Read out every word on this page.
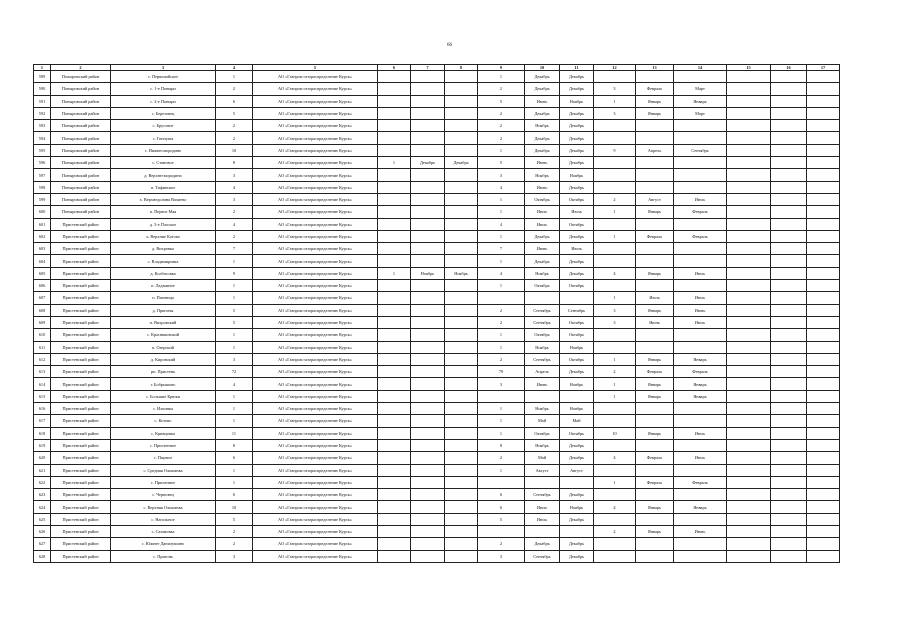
66
1	2	3	4	5	6	7	8	9	10	11	12	13	14	15	16	17
589	Пожарожский район	с. Первомайское	1	АО «Газпром газораспределение Курск»				1	Декабрь	Декабрь						
590	Поныровский район	с. 1-е Поныри	2	АО «Газпром газораспределение Курск»				2	Декабрь	Декабрь	3	Февраль	Март			
591	Поныровский район	с. 2-е Поныри	6	АО «Газпром газораспределение Курск»				5	Июнь	Ноябрь	1	Январь	Январь			
592	Поныровский район	с. Березовец	5	АО «Газпром газораспределение Курск»				2	Декабрь	Декабрь	3	Январь	Март			
593	Поныровский район	с. Брусовое	2	АО «Газпром газораспределение Курск»				2	Ноябрь	Декабрь						
594	Поныровский район	с. Гнилуша	2	АО «Газпром газораспределение Курск»				2	Декабрь	Декабрь						
595	Поныровский район	с. Нижнесмородино	10	АО «Газпром газораспределение Курск»				1	Декабрь	Декабрь	9	Апрель	Сентябрь			
596	Поныровский район	с. Становое	8	АО «Газпром газораспределение Курск»	1	Декабрь	Декабрь	5	Июнь	Декабрь						
597	Поныровский район	д. Верхнесмородино	3	АО «Газпром газораспределение Курск»				3	Ноябрь	Ноябрь						
598	Поныровский район	п. Тифинское	4	АО «Газпром газораспределение Курск»				4	Июнь	Декабрь						
599	Поныровский район	х. Верхнедолина Вахиево	3	АО «Газпром газораспределение Курск»				1	Октябрь	Октябрь	2	Август	Июль			
600	Поныровский район	п. Первое Мая	2	АО «Газпром газораспределение Курск»				1	Июль	Июль	1	Январь	Февраль			
601	Пристенский район	д. 3-е Плоское	4	АО «Газпром газораспределение Курск»				4	Июль	Октябрь						
602	Пристенский район	х. Верхние Котово	2	АО «Газпром газораспределение Курск»				1	Декабрь	Декабрь	1	Февраль	Февраль			
603	Пристенский район	д. Вихровка	7	АО «Газпром газораспределение Курск»				7	Июнь	Июль						
604	Пристенский район	с. Владимировка	1	АО «Газпром газораспределение Курск»				1	Декабрь	Декабрь						
605	Пристенский район	д. Колбасовка	9	АО «Газпром газораспределение Курск»	1	Ноябрь	Ноябрь	4	Ноябрь	Декабрь	4	Январь	Июль			
606	Пристенский район	п. Ладыжное	1	АО «Газпром газораспределение Курск»				1	Октябрь	Октябрь						
607	Пристенский район	п. Пшеница	1	АО «Газпром газораспределение Курск»							1	Июль	Июль			
608	Пристенский район	д. Пригоны	5	АО «Газпром газораспределение Курск»				2	Сентябрь	Сентябрь	3	Январь	Июнь			
609	Пристенский район	п. Вихровский	5	АО «Газпром газораспределение Курск»				2	Сентябрь	Октябрь	3	Июнь	Июль			
610	Пристенский район	с. Красниковский	1	АО «Газпром газораспределение Курск»				1	Октябрь	Октябрь						
611	Пристенский район	п. Озерский	1	АО «Газпром газораспределение Курск»				1	Ноябрь	Ноябрь						
612	Пристенский район	д. Кировский	3	АО «Газпром газораспределение Курск»				2	Сентябрь	Октябрь	1	Январь	Январь			
613	Пристенский район	рп. Пристень	72	АО «Газпром газораспределение Курск»				70	Апрель	Декабрь	2	Февраль	Февраль			
614	Пристенский район	г. Бобрышово	4	АО «Газпром газораспределение Курск»				3	Июнь	Ноябрь	1	Январь	Январь			
615	Пристенский район	с. Большие Крюки	1	АО «Газпром газораспределение Курск»							1	Январь	Январь			
616	Пристенский район	с. Ильинка	1	АО «Газпром газораспределение Курск»				1	Ноябрь	Ноябрь						
617	Пристенский район	с. Котово	1	АО «Газпром газораспределение Курск»				1	Май	Май						
618	Пристенский район	с. Кривцовка	11	АО «Газпром газораспределение Курск»				1	Октябрь	Октябрь	10	Январь	Июль			
619	Пристенский район	с. Пристенное	8	АО «Газпром газораспределение Курск»				8	Ноябрь	Декабрь						
620	Пристенский район	с. Пщевое	6	АО «Газпром газораспределение Курск»				2	Май	Декабрь	4	Февраль	Июль			
621	Пристенский район	с. Средняя Ольшанка	1	АО «Газпром газораспределение Курск»				1	Август	Август						
622	Пристенский район	с. Прилепное	1	АО «Газпром газораспределение Курск»							1	Февраль	Февраль			
623	Пристенский район	с. Черновец	6	АО «Газпром газораспределение Курск»				6	Сентябрь	Декабрь						
624	Пристенский район	с. Верхняя Ольшанка	10	АО «Газпром газораспределение Курск»				6	Июль	Ноябрь	4	Январь	Январь			
625	Пристенский район	с. Нагольное	5	АО «Газпром газораспределение Курск»				5	Июль	Декабрь						
626	Пристенский район	с. Сазановка	2	АО «Газпром газораспределение Курск»							2	Январь	Июнь			
627	Пристенский район	с. Южнее Данилушино	2	АО «Газпром газораспределение Курск»				2	Декабрь	Декабрь						
628	Пристенский район	с. Пригонь	3	АО «Газпром газораспределение Курск»				3	Сентябрь	Декабрь						
